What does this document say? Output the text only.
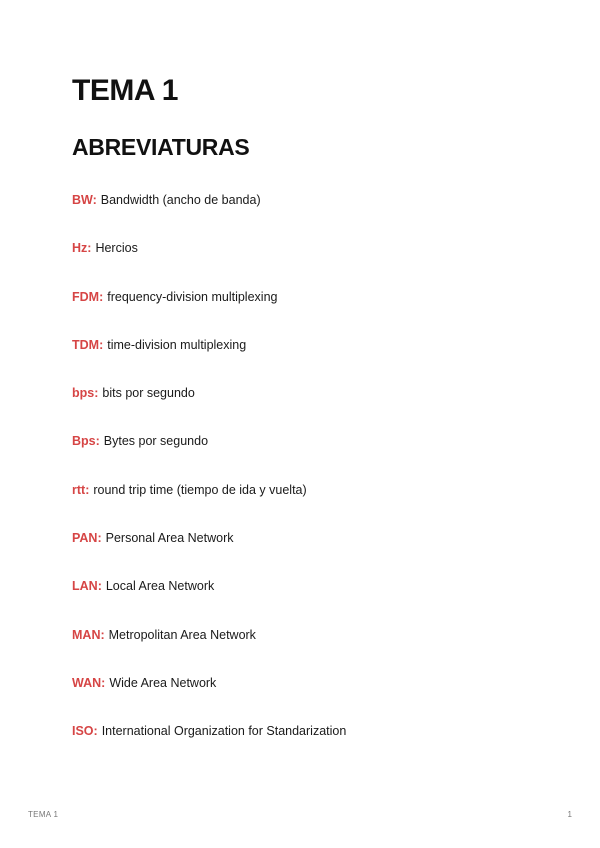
TEMA 1
ABREVIATURAS
BW: Bandwidth (ancho de banda)
Hz: Hercios
FDM: frequency-division multiplexing
TDM: time-division multiplexing
bps: bits por segundo
Bps: Bytes por segundo
rtt: round trip time (tiempo de ida y vuelta)
PAN: Personal Area Network
LAN: Local Area Network
MAN: Metropolitan Area Network
WAN: Wide Area Network
ISO: International Organization for Standarization
TEMA 1	1
